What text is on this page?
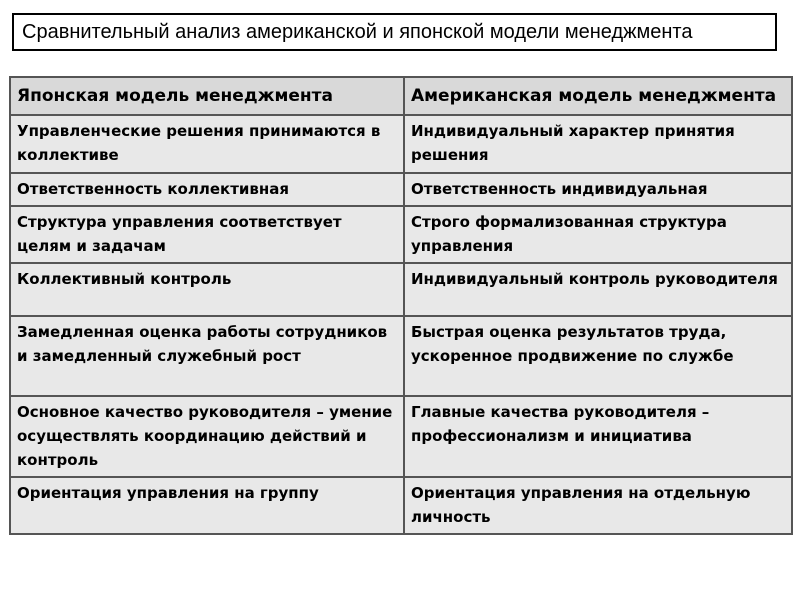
Сравнительный анализ американской и японской модели менеджмента
Японская модель менеджмента	Американская модель менеджмента
Управленческие решения принимаются в коллективе	Индивидуальный характер принятия решения
Ответственность коллективная	Ответственность индивидуальная
Структура управления соответствует целям и задачам	Строго формализованная структура управления
Коллективный контроль	Индивидуальный контроль руководителя
Замедленная оценка работы сотрудников и замедленный служебный рост	Быстрая оценка результатов труда, ускоренное продвижение по службе
Основное качество руководителя – умение осуществлять координацию действий и контроль	Главные качества руководителя – профессионализм и инициатива
Ориентация управления на группу	Ориентация управления на отдельную личность
